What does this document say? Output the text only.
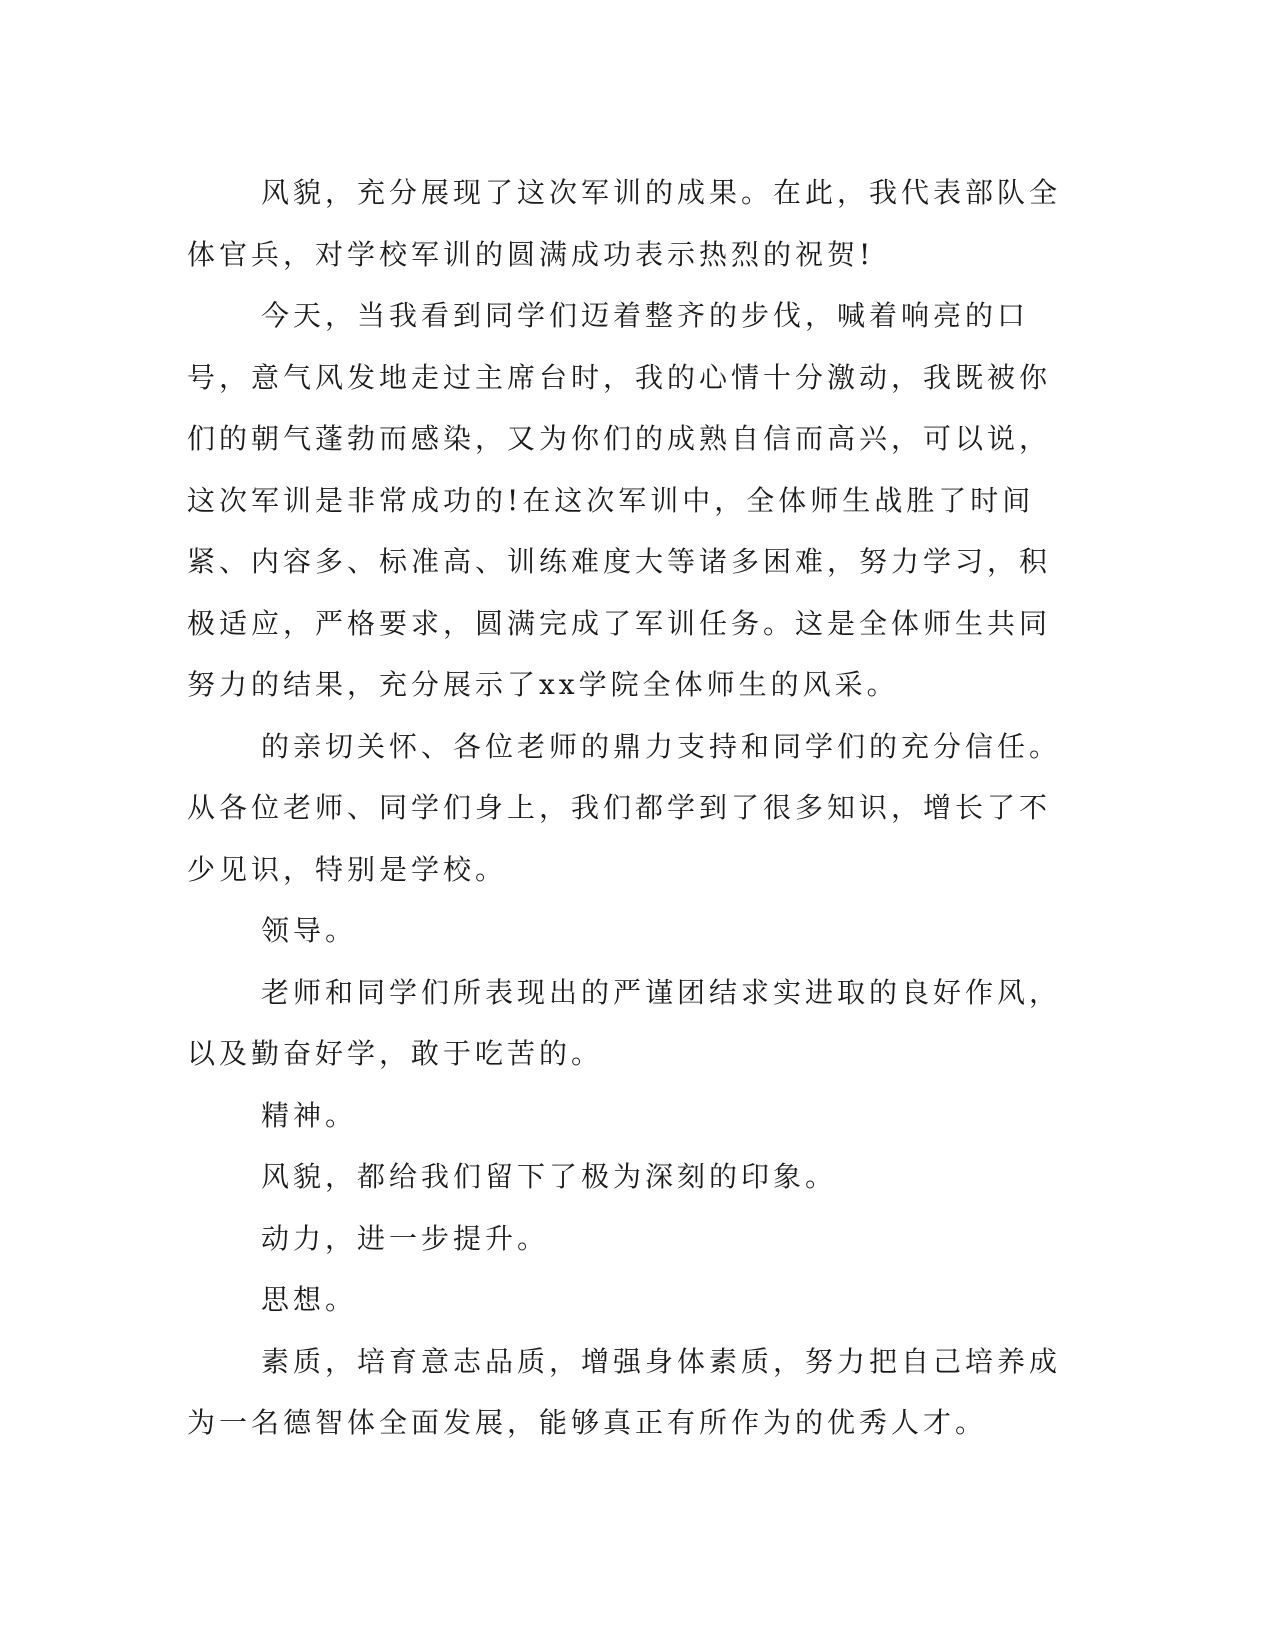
风貌，充分展现了这次军训的成果。在此，我代表部队全体官兵，对学校军训的圆满成功表示热烈的祝贺!

今天，当我看到同学们迈着整齐的步伐，喊着响亮的口号，意气风发地走过主席台时，我的心情十分激动，我既被你们的朝气蓬勃而感染，又为你们的成熟自信而高兴，可以说，这次军训是非常成功的!在这次军训中，全体师生战胜了时间紧、内容多、标准高、训练难度大等诸多困难，努力学习，积极适应，严格要求，圆满完成了军训任务。这是全体师生共同努力的结果，充分展示了xx学院全体师生的风采。

的亲切关怀、各位老师的鼎力支持和同学们的充分信任。从各位老师、同学们身上，我们都学到了很多知识，增长了不少见识，特别是学校。

领导。

老师和同学们所表现出的严谨团结求实进取的良好作风，以及勤奋好学，敢于吃苦的。

精神。

风貌，都给我们留下了极为深刻的印象。

动力，进一步提升。

思想。

素质，培育意志品质，增强身体素质，努力把自己培养成为一名德智体全面发展，能够真正有所作为的优秀人才。
